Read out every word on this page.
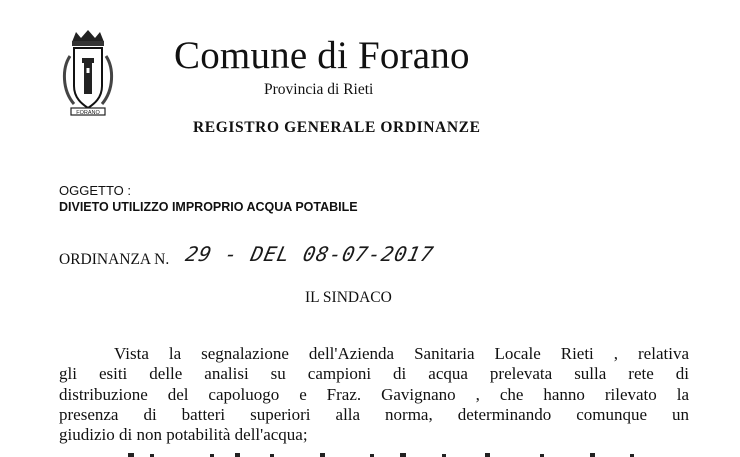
FORANO
Comune di Forano
Provincia di Rieti
REGISTRO GENERALE ORDINANZE
OGGETTO :
DIVIETO UTILIZZO IMPROPRIO ACQUA POTABILE
ORDINANZA N. 29 - DEL 08-07-2017
IL SINDACO
Vista la segnalazione dell'Azienda Sanitaria Locale Rieti , relativa
gli esiti delle analisi su campioni di acqua prelevata sulla rete di
distribuzione del capoluogo e Fraz. Gavignano , che hanno rilevato la
presenza di batteri superiori alla norma, determinando comunque un
giudizio di non potabilità dell'acqua;
